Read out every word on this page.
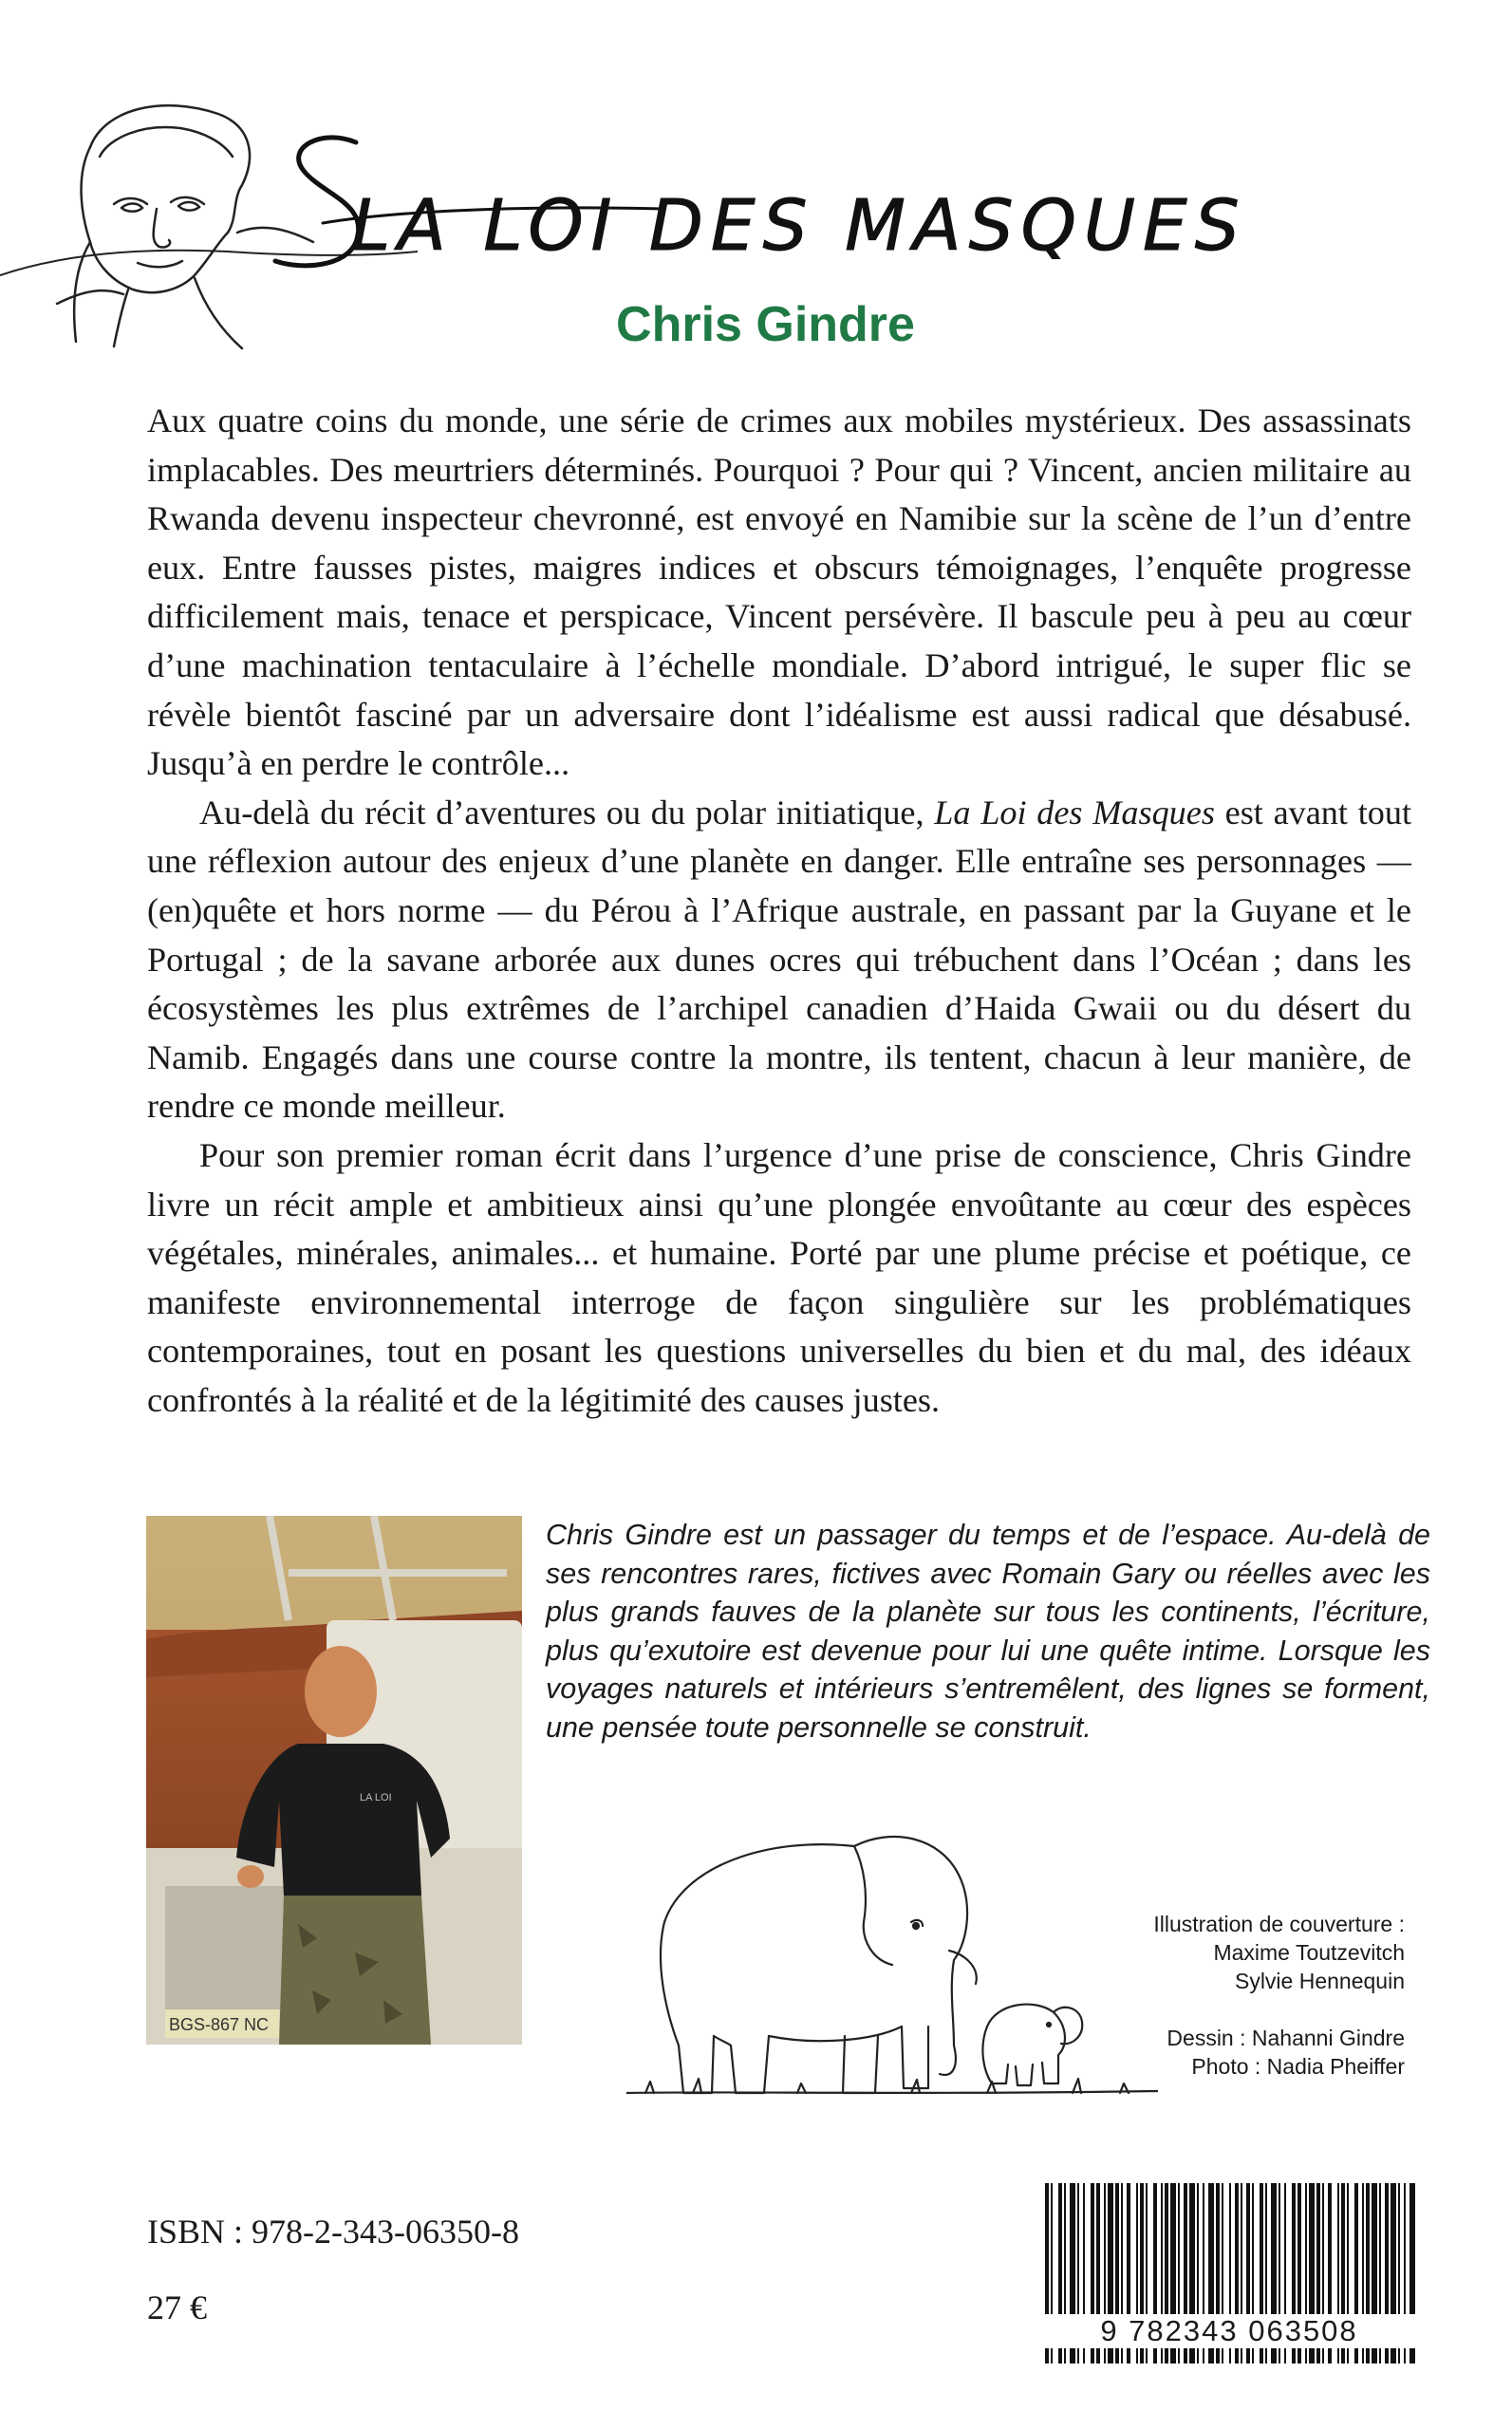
LA LOI DES MASQUES
Chris Gindre

Aux quatre coins du monde, une série de crimes aux mobiles mystérieux. Des assassinats implacables. Des meurtriers déterminés. Pourquoi ? Pour qui ? Vincent, ancien militaire au Rwanda devenu inspecteur chevronné, est envoyé en Namibie sur la scène de l’un d’entre eux. Entre fausses pistes, maigres indices et obscurs témoignages, l’enquête progresse difficilement mais, tenace et perspicace, Vincent persévère. Il bascule peu à peu au cœur d’une machination tentaculaire à l’échelle mondiale. D’abord intrigué, le super flic se révèle bientôt fasciné par un adversaire dont l’idéalisme est aussi radical que désabusé. Jusqu’à en perdre le contrôle...

Au-delà du récit d’aventures ou du polar initiatique, La Loi des Masques est avant tout une réflexion autour des enjeux d’une planète en danger. Elle entraîne ses personnages — (en)quête et hors norme — du Pérou à l’Afrique australe, en passant par la Guyane et le Portugal ; de la savane arborée aux dunes ocres qui trébuchent dans l’Océan ; dans les écosystèmes les plus extrêmes de l’archipel canadien d’Haida Gwaii ou du désert du Namib. Engagés dans une course contre la montre, ils tentent, chacun à leur manière, de rendre ce monde meilleur.

Pour son premier roman écrit dans l’urgence d’une prise de conscience, Chris Gindre livre un récit ample et ambitieux ainsi qu’une plongée envoûtante au cœur des espèces végétales, minérales, animales... et humaine. Porté par une plume précise et poétique, ce manifeste environnemental interroge de façon singulière sur les problématiques contemporaines, tout en posant les questions universelles du bien et du mal, des idéaux confrontés à la réalité et de la légitimité des causes justes.

BGS-867 NC
LA LOI
Chris Gindre est un passager du temps et de l’espace. Au-delà de ses rencontres rares, fictives avec Romain Gary ou réelles avec les plus grands fauves de la planète sur tous les continents, l’écriture, plus qu’exutoire est devenue pour lui une quête intime. Lorsque les voyages naturels et intérieurs s’entremêlent, des lignes se forment, une pensée toute personnelle se construit.
Illustration de couverture :
Maxime Toutzevitch
Sylvie Hennequin
Dessin : Nahanni Gindre
Photo : Nadia Pheiffer
ISBN : 978-2-343-06350-8
27 €
9 782343 063508
